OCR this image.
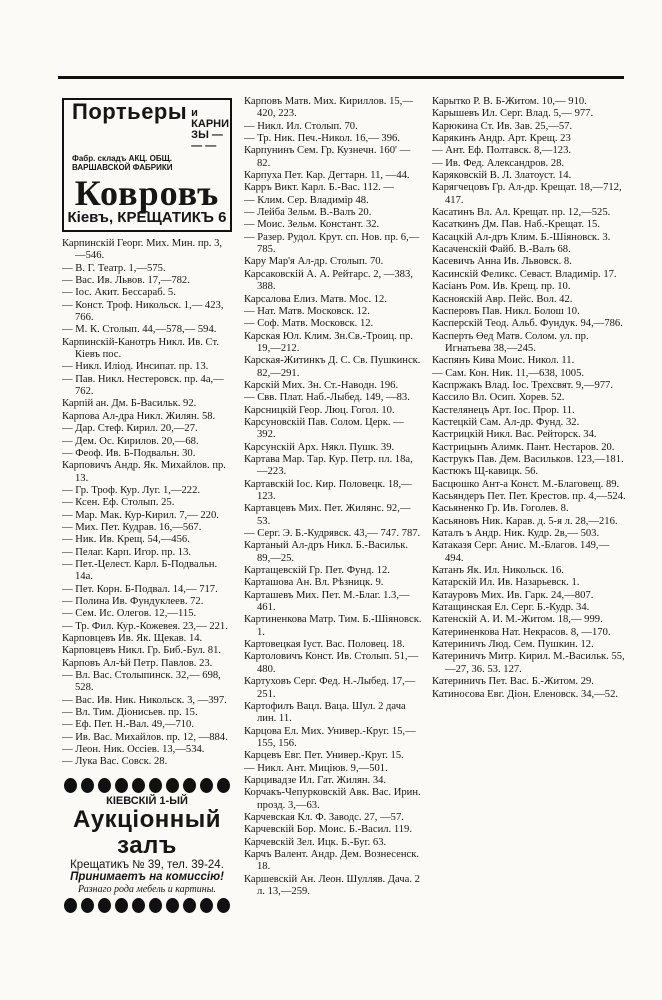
Портьеры и КАРНИ
ЗЫ — — —
Фабр. складъ АКЦ. ОБЩ.
ВАРШАВСКОЙ ФАБРИКИ
Ковровъ
Кіевъ, КРЕЩАТИКЪ 6
Карпинскій Георг. Мих. Мин. пр. 3,—546.
— В. Г. Театр. 1,—575.
— Вас. Ив. Львов. 17,—782.
— Іос. Акит. Бессараб. 5.
— Конст. Троф. Никольск. 1,— 423, 766.
— М. К. Столып. 44,—578,— 594.
Карпинскій-Канотръ Никл. Ив. Ст. Кіевъ пос.
— Никл. Иліод. Инсипат. пр. 13.
— Пав. Никл. Нестеровск. пр. 4а,—762.
Карпій ан. Дм. Б-Васильк. 92.
Карпова Ал-дра Никл. Жилян. 58.
— Дар. Стеф. Кирил. 20,—27.
— Дем. Ос. Кирилов. 20,—68.
— Феоф. Ив. Б-Подвальн. 30.
Карповичъ Андр. Як. Михайлов. пр. 13.
— Гр. Троф. Кур. Луг. 1,—222.
— Ксен. Еф. Столып. 25.
— Мар. Мак. Кур-Кирил. 7,— 220.
— Мих. Пет. Кудрав. 16,—567.
— Ник. Ив. Крещ. 54,—456.
— Пелаг. Карп. Игор. пр. 13.
— Пет.-Целест. Карл. Б-Подвальн. 14а.
— Пет. Корн. Б-Подвал. 14,— 717.
— Полина Ив. Фундуклеев. 72.
— Сем. Ис. Олегов. 12,—115.
— Тр. Фил. Кур.-Кожевея. 23,— 221.
Карповцевъ Ив. Як. Щекав. 14.
Карповцевъ Никл. Гр. Биб.-Бул. 81.
Карповъ Ал-ѣй Петр. Павлов. 23.
— Вл. Вас. Столыпинск. 32,— 698, 528.
— Вас. Ив. Ник. Никольск. 3, —397.
— Вл. Тим. Діонисьев. пр. 15.
— Еф. Пет. Н.-Вал. 49,—710.
— Ив. Вас. Михайлов. пр. 12, —884.
— Леон. Ник. Оссіев. 13,—534.
— Лука Вас. Совск. 28.
КІЕВСКІЙ 1-ЫЙ
Аукціонный залъ
Крещатикъ № 39, тел. 39-24.
Принимаетъ на комиссію!
Разнаго рода мебель и картины.
Карповъ Матв. Мих. Кириллов. 15,—420, 223.
— Никл. Ил. Столып. 70.
— Тр. Ник. Печ.-Никол. 16,— 396.
Карпунинъ Сем. Гр. Кузнечн. 160' —82.
Карпуха Пет. Кар. Дегтарн. 11, —44.
Карръ Викт. Карл. Б.-Вас. 112. —
— Клим. Сер. Владимір 48.
— Лейба Зельм. В.-Валъ 20.
— Моис. Зельм. Констант. 32.
— Разер. Рудол. Крут. сп. Нов. пр. 6,—785.
Кару Мар'я Ал-др. Столып. 70.
Карсаковскій А. А. Рейтарс. 2, —383, 388.
Карсалова Елиз. Матв. Мос. 12.
— Нат. Матв. Московск. 12.
— Соф. Матв. Московск. 12.
Карская Юл. Клим. Зн.Св.-Троиц. пр. 19,—212.
Карская-Житинкъ Д. С. Св. Пушкинск. 82,—291.
Карскій Мих. Зн. Ст.-Наводн. 196.
— Свв. Плат. Наб.-Лыбед. 149, —83.
Карсницкій Геор. Люц. Гогол. 10.
Карсуновскій Пав. Солом. Церк. —392.
Карсунскій Арх. Някл. Пушк. 39.
Картава Мар. Тар. Кур. Петр. пл. 18а,—223.
Картавскій Іос. Кир. Половецк. 18,—123.
Картавцевъ Мих. Пет. Жилянс. 92,—53.
— Серг. Э. Б.-Кудрявск. 43,— 747. 787.
Картаный Ал-дръ Никл. Б.-Васильк. 89,—25.
Картащевскій Гр. Пет. Фунд. 12.
Карташова Ан. Вл. Рѣзницк. 9.
Карташевъ Мих. Пет. М.-Благ. 1.3,—461.
Картиненкова Матр. Тим. Б.-Шіяновск. 1.
Картовецкая Іуст. Вас. Половец. 18.
Картоловичъ Конст. Ив. Столып. 51,—480.
Картуховъ Серг. Фед. Н.-Лыбед. 17,—251.
Картофилъ Вацл. Ваца. Шул. 2 дача лин. 11.
Карцова Ел. Мих. Универ.-Круг. 15,—155, 156.
Карцевъ Евг. Пет. Универ.-Круг. 15.
— Никл. Ант. Миціюв. 9,—501.
Карцивадзе Ил. Гат. Жилян. 34.
Корчакъ-Чепурковскій Авк. Вас. Ирин. прозд. 3,—63.
Карчевская Кл. Ф. Заводс. 27, —57.
Карчевскій Бор. Моис. Б.-Васил. 119.
Карчевскій Зел. Ицк. Б.-Буг. 63.
Карчъ Валент. Андр. Дем. Вознесенск. 18.
Каршевскій Ан. Леон. Шулляв. Дача. 2 л. 13,—259.
Карытко Р. В. Б-Житом. 10,— 910.
Карышевъ Ил. Серг. Влад. 5,— 977.
Карюкина Ст. Ив. Зав. 25,—57.
Карякинъ Андр. Арт. Крещ. 23
— Ант. Еф. Полтавск. 8,—123.
— Ив. Фед. Александров. 28.
Каряковскій В. Л. Златоуст. 14.
Карягчецовъ Гр. Ал-др. Крещат. 18,—712, 417.
Касатинъ Вл. Ал. Крещат. пр. 12,—525.
Касаткинъ Дм. Пав. Наб.-Крещат. 15.
Касацкій Ал-дръ Клим. Б.-Шіяновск. 3.
Касаченскій Файб. В.-Валъ 68.
Касевичъ Анна Ив. Львовск. 8.
Касинскій Феликс. Севаст. Владимір. 17.
Касіанъ Ром. Ив. Крещ. пр. 10.
Каснояскій Авр. Пейс. Вол. 42.
Касперовъ Пав. Никл. Болош 10.
Касперскій Теод. Альб. Фундук. 94,—786.
Касперть Өед Матв. Солом. ул. пр. Игнатьева 38,—245.
Каспянъ Кива Моис. Никол. 11.
— Сам. Кон. Ник. 11,—638, 1005.
Каспржакъ Влад. Іос. Трехсвят. 9,—977.
Кассило Вл. Осип. Хорев. 52.
Кастелянецъ Арт. Іос. Прор. 11.
Кастецкій Сам. Ал-др. Фунд. 32.
Кастрицкій Никл. Вас. Рейторск. 34.
Кастрицынъ Алимк. Пант. Нестаров. 20.
Каструкъ Пав. Дем. Васильков. 123,—181.
Кастюкъ Щ-кавицк. 56.
Басцюшко Ант-а Конст. М.-Благовещ. 89.
Касьяндеръ Пет. Пет. Крестов. пр. 4,—524.
Касьяненко Гр. Ив. Гоголев. 8.
Касьяновъ Ник. Карав. д. 5-я л. 28,—216.
Каталъ ъ Андр. Ник. Кудр. 2в,— 503.
Катаказя Серг. Анис. М.-Благов. 149,—494.
Катанъ Як. Ил. Никольск. 16.
Катарскій Ил. Ив. Назарьевск. 1.
Катауровъ Мих. Ив. Гарк. 24,—807.
Катащинская Ел. Серг. Б.-Кудр. 34.
Катенскій А. И. М.-Житом. 18,— 999.
Катериненкова Нат. Некрасов. 8, —170.
Катериничъ Люд. Сем. Пушкин. 12.
Катериничъ Митр. Кирил. М.-Васильк. 55,—27, 36. 53. 127.
Катериничъ Пет. Вас. Б.-Житом. 29.
Катиносова Евг. Діон. Еленовск. 34,—52.
